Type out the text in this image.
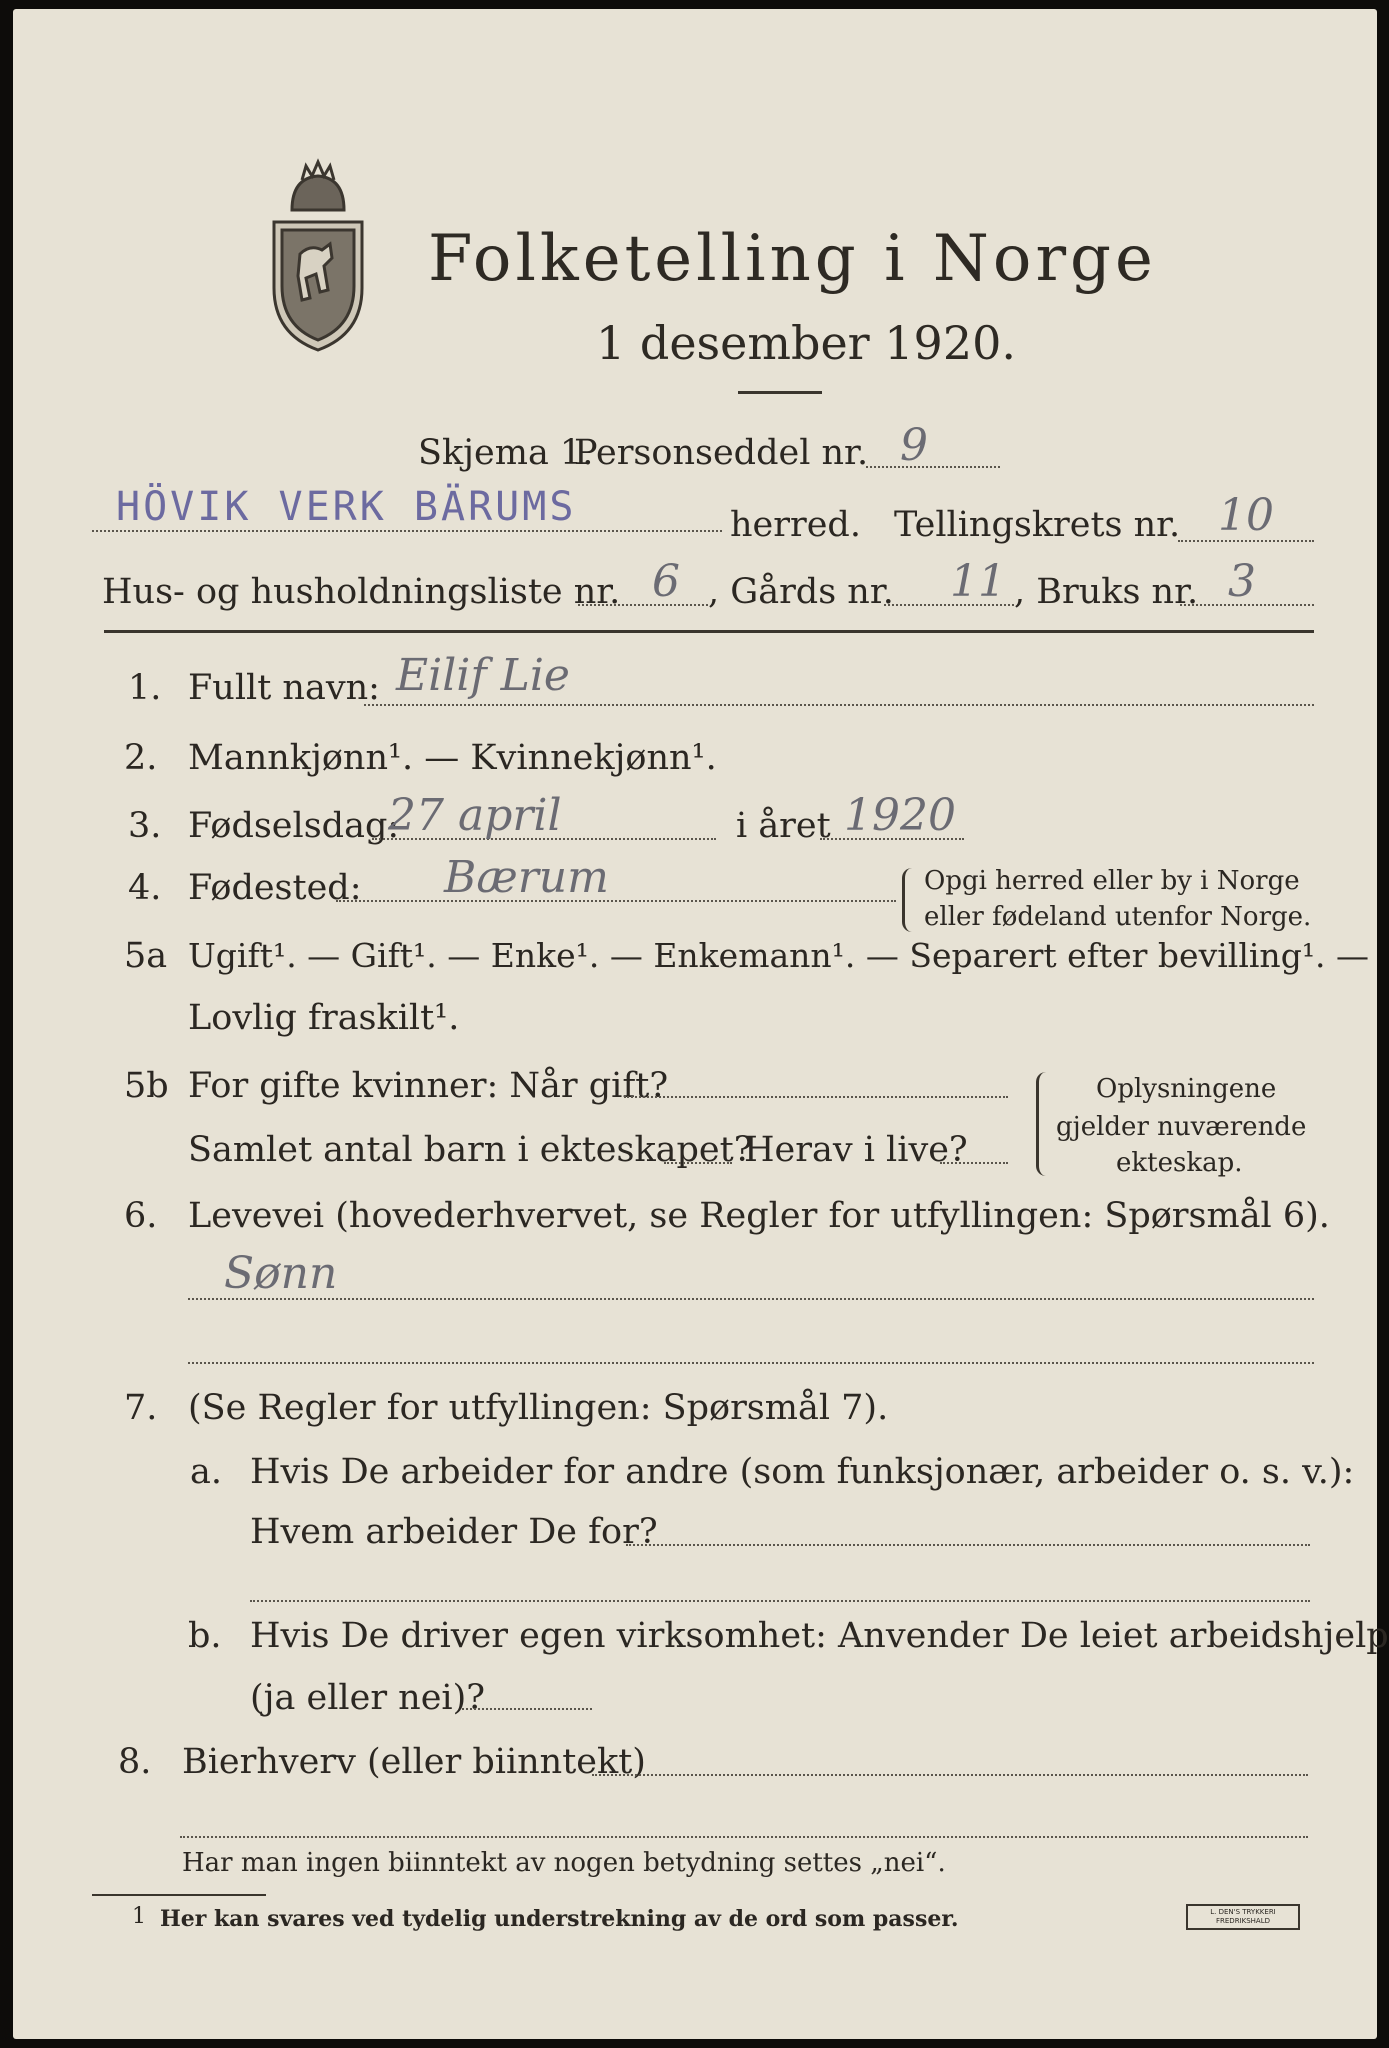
Folketelling i Norge
1 desember 1920.
Skjema 1.
Personseddel nr. 9
HÖVIK VERK BÄRUMS	herred. Tellingskrets nr. 10
Hus- og husholdningsliste nr. 6 , Gårds nr. 11 , Bruks nr. 3
1. Fullt navn: Eilif Lie
2. Mannkjønn¹. — Kvinnekjønn¹.
3. Fødselsdag:
27 april	i året 1920
4. Fødested: Bærum	Opgi herred eller by i Norge
eller fødeland utenfor Norge.
5a Ugift¹. — Gift¹. — Enke¹. — Enkemann¹. — Separert efter bevilling¹. —
Lovlig fraskilt¹.
5b For gifte kvinner: Når gift?
Samlet antal barn i ekteskapet?
Herav i live?
Oplysningene
gjelder nuværende
ekteskap.
6. Levevei (hovederhvervet, se Regler for utfyllingen: Spørsmål 6).
Sønn
7. (Se Regler for utfyllingen: Spørsmål 7).
a. Hvis De arbeider for andre (som funksjonær, arbeider o. s. v.):
Hvem arbeider De for?
b. Hvis De driver egen virksomhet: Anvender De leiet arbeidshjelp
(ja eller nei)?
8. Bierhverv (eller biinntekt)
Har man ingen biinntekt av nogen betydning settes „nei“.
1 Her kan svares ved tydelig understrekning av de ord som passer.	L. DEN'S TRYKKERI
FREDRIKSHALD
